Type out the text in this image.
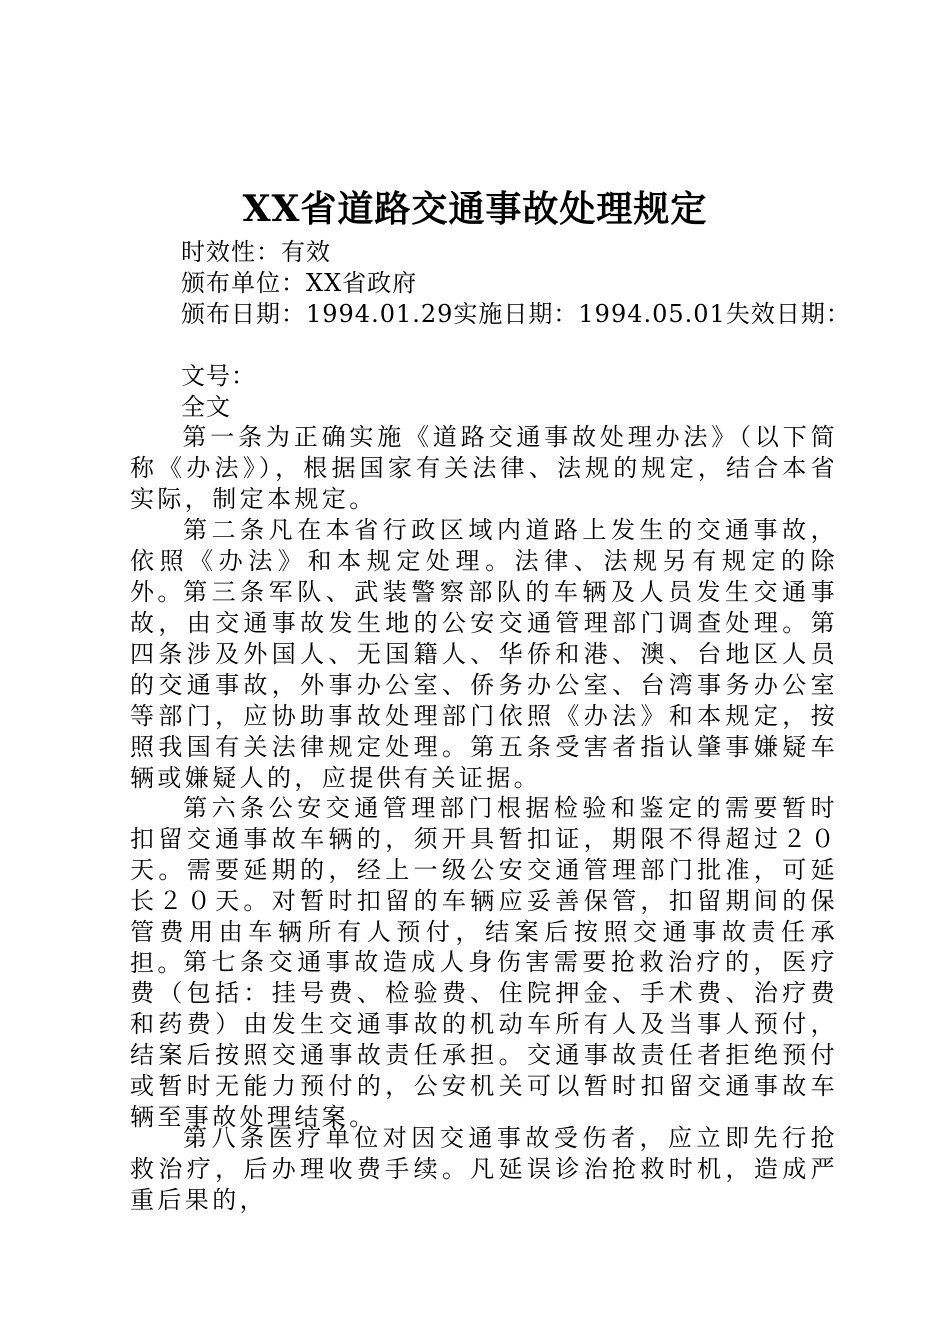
XX省道路交通事故处理规定
时效性：有效
颁布单位：XX省政府
颁布日期：1994.01.29实施日期：1994.05.01失效日期：
文号：
全文

第一条为正确实施《道路交通事故处理办法》（以下简称《办法》），根据国家有关法律、法规的规定，结合本省实际，制定本规定。

第二条凡在本省行政区域内道路上发生的交通事故，依照《办法》和本规定处理。法律、法规另有规定的除外。

第三条军队、武装警察部队的车辆及人员发生交通事故，由交通事故发生地的公安交通管理部门调查处理。第四条涉及外国人、无国籍人、华侨和港、澳、台地区人员的交通事故，外事办公室、侨务办公室、台湾事务办公室等部门，应协助事故处理部门依照《办法》和本规定，按照我国有关法律规定处理。第五条受害者指认肇事嫌疑车辆或嫌疑人的，应提供有关证据。

第六条公安交通管理部门根据检验和鉴定的需要暂时扣留交通事故车辆的，须开具暂扣证，期限不得超过２０天。需要延期的，经上一级公安交通管理部门批准，可延长２０天。对暂时扣留的车辆应妥善保管，扣留期间的保管费用由车辆所有人预付，结案后按照交通事故责任承担。

第七条交通事故造成人身伤害需要抢救治疗的，医疗费（包括：挂号费、检验费、住院押金、手术费、治疗费和药费）由发生交通事故的机动车所有人及当事人预付，结案后按照交通事故责任承担。交通事故责任者拒绝预付或暂时无能力预付的，公安机关可以暂时扣留交通事故车辆至事故处理结案。

第八条医疗单位对因交通事故受伤者，应立即先行抢救治疗，后办理收费手续。凡延误诊治抢救时机，造成严重后果的，
